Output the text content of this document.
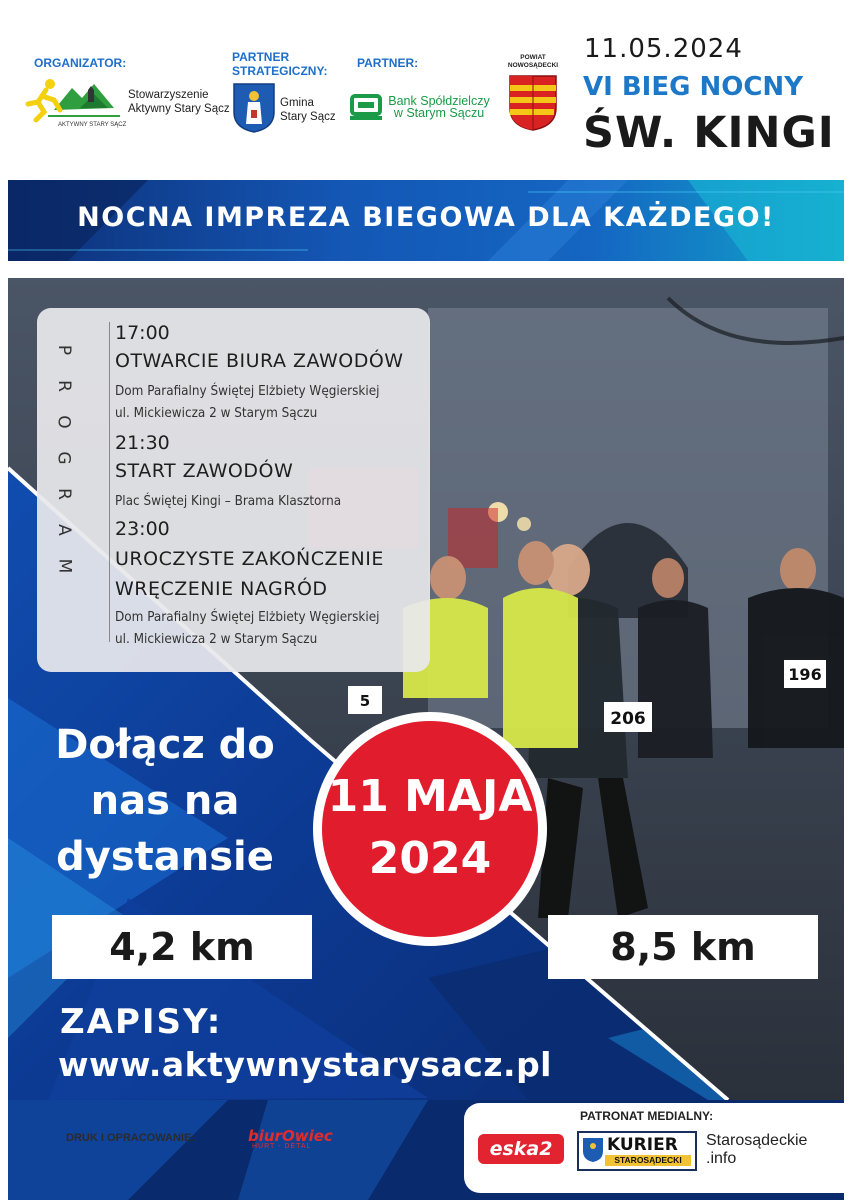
ORGANIZATOR:
AKTYWNY STARY SĄCZ
Stowarzyszenie
Aktywny Stary Sącz
PARTNER
STRATEGICZNY:
Gmina
Stary Sącz
PARTNER:
Bank Spółdzielczy
w Starym Sączu
POWIAT
NOWOSĄDECKI
11.05.2024
VI BIEG NOCNY
ŚW. KINGI
NOCNA IMPREZA BIEGOWA DLA KAŻDEGO!
206
196
5
P
R
O
G
R
A
M
17:00
OTWARCIE BIURA ZAWODÓW
Dom Parafialny Świętej Elżbiety Węgierskiej
ul. Mickiewicza 2 w Starym Sączu
21:30
START ZAWODÓW
Plac Świętej Kingi – Brama Klasztorna
23:00
UROCZYSTE ZAKOŃCZENIE
WRĘCZENIE NAGRÓD
Dom Parafialny Świętej Elżbiety Węgierskiej
ul. Mickiewicza 2 w Starym Sączu
Dołącz do
nas na
dystansie
11 MAJA
2024
4,2 km	8,5 km
ZAPISY:
www.aktywnystarysacz.pl
DRUK I OPRACOWANIE:	biurOwiec
HURT - DETAL
PATRONAT MEDIALNY:
eska2	KURIER
STAROSĄDECKI
Starosądeckie
.info
